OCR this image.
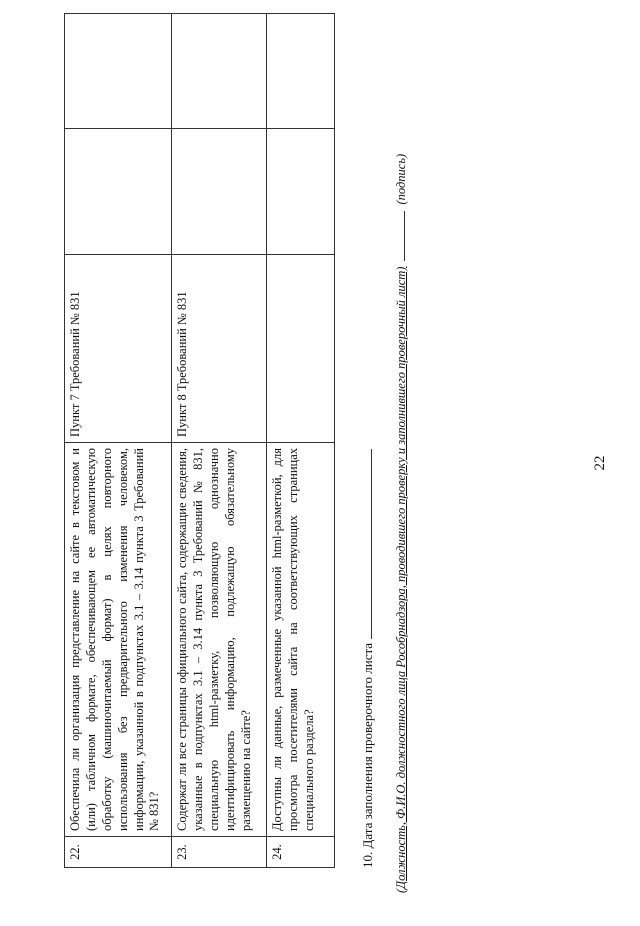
22.	Обеспечила ли организация представление на сайте в текстовом и (или) табличном формате, обеспечивающем ее автоматическую обработку (машиночитаемый формат) в целях повторного использования без предварительного изменения человеком, информации, указанной в подпунктах 3.1 – 3.14 пункта 3 Требований № 831?	Пункт 7 Требований № 831		
23.	Содержат ли все страницы официального сайта, содержащие сведения, указанные в подпунктах 3.1 – 3.14 пункта 3 Требований № 831, специальную html-разметку, позволяющую однозначно идентифицировать информацию, подлежащую обязательному размещению на сайте?	Пункт 8 Требований № 831		
24.	Доступны ли данные, размеченные указанной html-разметкой, для просмотра посетителями сайта на соответствующих страницах специального раздела?				10. Дата заполнения проверочного листа (Должность, Ф.И.О. должностного лица Рособрнадзора, проводившего проверку и заполнившего проверочный лист)(подпись)
22
